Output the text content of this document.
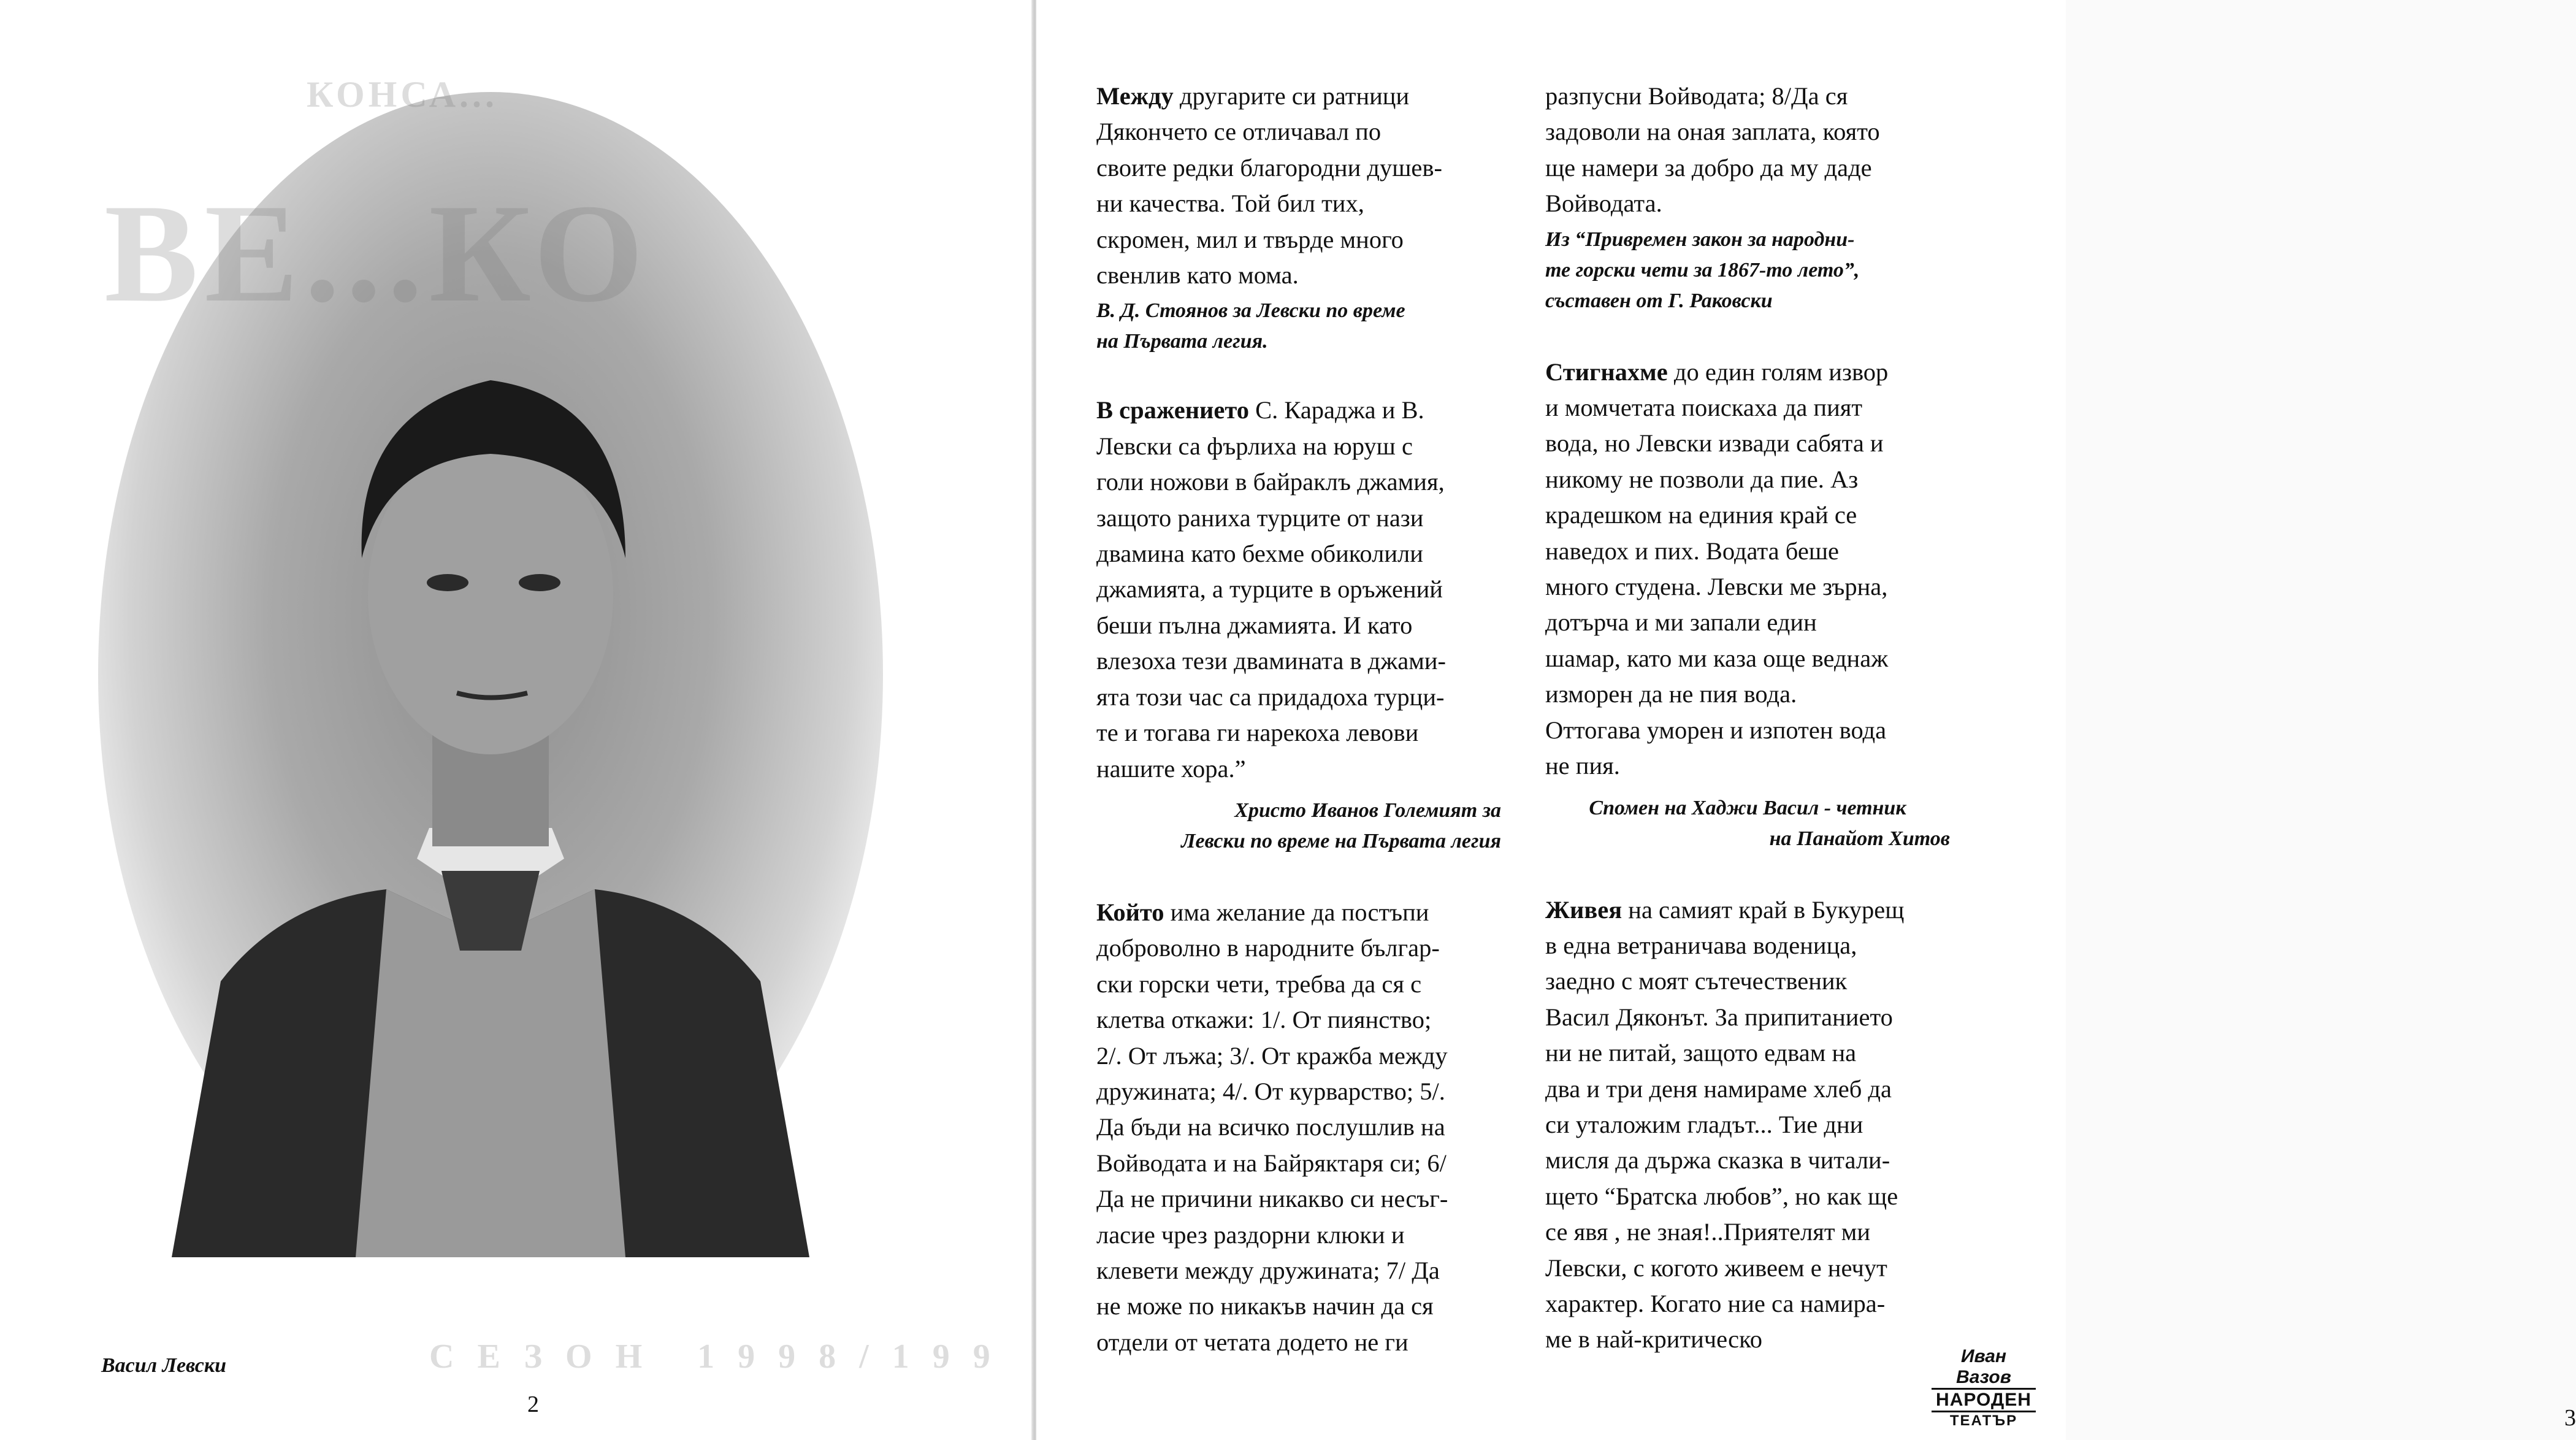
КОНСА...
ВЕ...КО
СЕЗОН 1998/199
Васил Левски
2
3
Между другарите си ратници
Дякончето се отличавал по
своите редки благородни душев-
ни качества. Той бил тих,
скромен, мил и твърде много
свенлив като мома.
В. Д. Стоянов за Левски по време
на Първата легия.
В сражението С. Караджа и В.
Левски са фърлиха на юруш с
голи ножови в байраклъ джамия,
защото раниха турците от нази
двамина като бехме обиколили
джамията, а турците в оръжений
беши пълна джамията. И като
влезоха тези двамината в джами-
ята този час са придадоха турци-
те и тогава ги нарекоха левови
нашите хора.”
Христо Иванов Големият за
Левски по време на Първата легия
Който има желание да постъпи
доброволно в народните българ-
ски горски чети, требва да ся с
клетва откажи: 1/. От пиянство;
2/. От лъжа; 3/. От кражба между
дружината; 4/. От курварство; 5/.
Да бъди на всичко послушлив на
Войводата и на Байряктаря си; 6/
Да не причини никакво си несъг-
ласие чрез раздорни клюки и
клевети между дружината; 7/ Да
не може по никакъв начин да ся
отдели от четата додето не ги
разпусни Войводата; 8/Да ся
задоволи на оная заплата, която
ще намери за добро да му даде
Войводата.
Из “Привремен закон за народни-
те горски чети за 1867-то лето”,
съставен от Г. Раковски
Стигнахме до един голям извор
и момчетата поискаха да пият
вода, но Левски извади сабята и
никому не позволи да пие. Аз
крадешком на единия край се
наведох и пих. Водата беше
много студена. Левски ме зърна,
дотърча и ми запали един
шамар, като ми каза още веднаж
изморен да не пия вода.
Оттогава уморен и изпотен вода
не пия.
Спомен на Хаджи Васил - четник

на Панайот Хитов
Живея на самият край в Букурещ
в една ветраничава воденица,
заедно с моят сътечественик
Васил Дяконът. За припитанието
ни не питай, защото едвам на
два и три деня намираме хлеб да
си уталожим гладът... Тие дни
мисля да държа сказка в читали-
щето “Братска любов”, но как ще
се явя , не зная!..Приятелят ми
Левски, с когото живеем е нечут
характер. Когато ние са намира-
ме в най-критическо
Иван Вазов
НАРОДЕН
ТЕАТЪР
